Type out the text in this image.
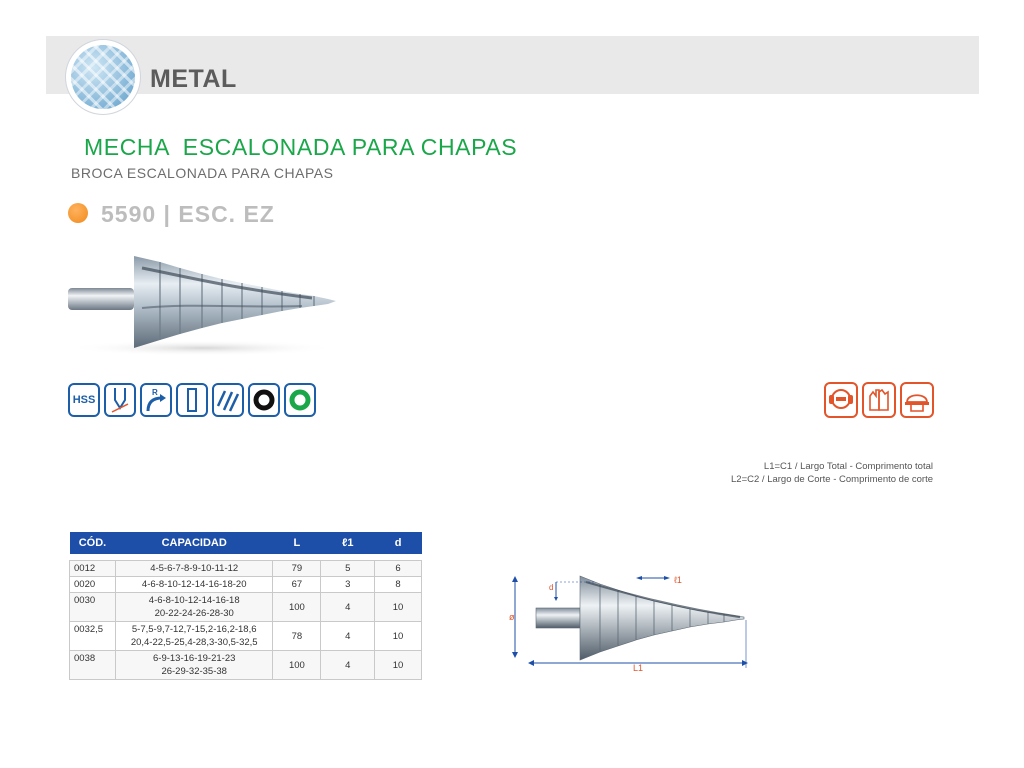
METAL
MECHA  ESCALONADA PARA CHAPAS
BROCA ESCALONADA PARA CHAPAS
5590 | ESC. EZ
HSS
R
L1=C1 / Largo Total - Comprimento total
L2=C2 / Largo de Corte - Comprimento de corte
CÓD.	CAPACIDAD	L	ℓ1	d

0012	4-5-6-7-8-9-10-11-12	79	5	6
0020	4-6-8-10-12-14-16-18-20	67	3	8
0030	4-6-8-10-12-14-16-18
20-22-24-26-28-30	100	4	10
0032,5	5-7,5-9,7-12,7-15,2-16,2-18,6
20,4-22,5-25,4-28,3-30,5-32,5	78	4	10
0038	6-9-13-16-19-21-23
26-29-32-35-38	100	4	10
ø
d
ℓ1
L1
